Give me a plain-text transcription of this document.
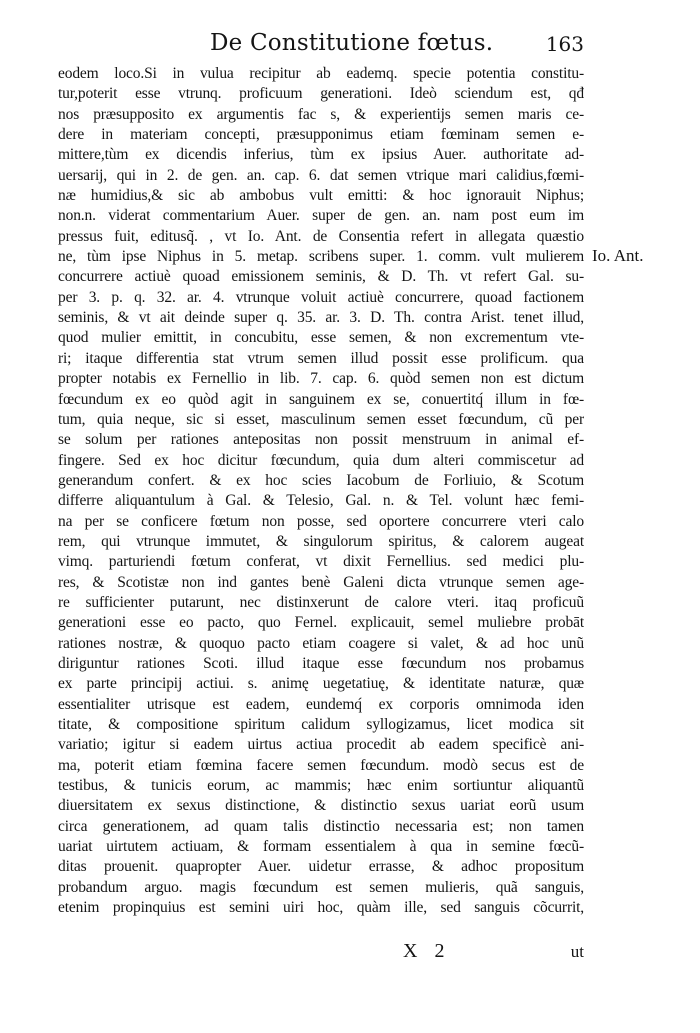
De Constitutione fœtus.	163
eodem loco.Si in vulua recipitur ab eademq. specie potentia constitu-
tur,poterit esse vtrunq. proficuum generationi. Ideò sciendum est, qđ
nos præsupposito ex argumentis fac s, & experientijs semen maris ce-
dere in materiam concepti, præsupponimus etiam fœminam semen e-
mittere,tùm ex dicendis inferius, tùm ex ipsius Auer. authoritate ad-
uersarij, qui in 2. de gen. an. cap. 6. dat semen vtrique mari calidius,fœmi-
næ humidius,& sic ab ambobus vult emitti: & hoc ignorauit Niphus;
non.n. viderat commentarium Auer. super de gen. an. nam post eum im
pressus fuit, editusq̃. , vt Io. Ant. de Consentia refert in allegata quæstio
ne, tùm ipse Niphus in 5. metap. scribens super. 1. comm. vult mulierem
concurrere actiuè quoad emissionem seminis, & D. Th. vt refert Gal. su-
per 3. p. q. 32. ar. 4. vtrunque voluit actiuè concurrere, quoad factionem
seminis, & vt ait deinde super q. 35. ar. 3. D. Th. contra Arist. tenet illud,
quod mulier emittit, in concubitu, esse semen, & non excrementum vte-
ri; itaque differentia stat vtrum semen illud possit esse prolificum. qua
propter notabis ex Fernellio in lib. 7. cap. 6. quòd semen non est dictum
fœcundum ex eo quòd agit in sanguinem ex se, conuertitq́ illum in fœ-
tum, quia neque, sic si esset, masculinum semen esset fœcundum, cũ per
se solum per rationes antepositas non possit menstruum in animal ef-
fingere. Sed ex hoc dicitur fœcundum, quia dum alteri commiscetur ad
generandum confert. & ex hoc scies Iacobum de Forliuio, & Scotum
differre aliquantulum à Gal. & Telesio, Gal. n. & Tel. volunt hæc femi-
na per se conficere fœtum non posse, sed oportere concurrere vteri calo
rem, qui vtrunque immutet, & singulorum spiritus, & calorem augeat
vimq. parturiendi fœtum conferat, vt dixit Fernellius. sed medici plu-
res, & Scotistæ non ind gantes benè Galeni dicta vtrunque semen age-
re sufficienter putarunt, nec distinxerunt de calore vteri. itaq proficuũ
generationi esse eo pacto, quo Fernel. explicauit, semel muliebre probāt
rationes nostræ, & quoquo pacto etiam coagere si valet, & ad hoc unũ
diriguntur rationes Scoti. illud itaque esse fœcundum nos probamus
ex parte principij actiui. s. animę uegetatiuę, & identitate naturæ, quæ
essentialiter utrisque est eadem, eundemq́ ex corporis omnimoda iden
titate, & compositione spiritum calidum syllogizamus, licet modica sit
variatio; igitur si eadem uirtus actiua procedit ab eadem specificè ani-
ma, poterit etiam fœmina facere semen fœcundum. modò secus est de
testibus, & tunicis eorum, ac mammis; hæc enim sortiuntur aliquantũ
diuersitatem ex sexus distinctione, & distinctio sexus uariat eorũ usum
circa generationem, ad quam talis distinctio necessaria est; non tamen
uariat uirtutem actiuam, & formam essentialem à qua in semine fœcũ-
ditas prouenit. quapropter Auer. uidetur errasse, & adhoc propositum
probandum arguo. magis fœcundum est semen mulieris, quã sanguis,
etenim propinquius est semini uiri hoc, quàm ille, sed sanguis cõcurrit,
Io. Ant.
X 2	ut
